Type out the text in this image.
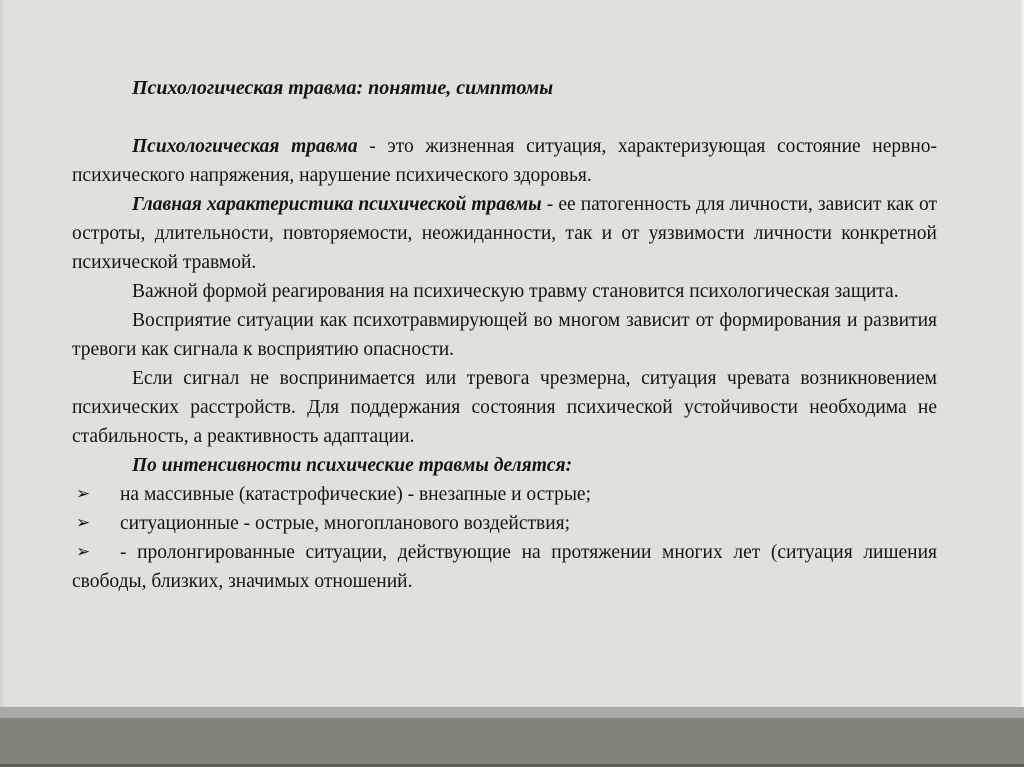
Психологическая травма: понятие, симптомы

Психологическая травма - это жизненная ситуация, характеризующая состояние нервно-психического напряжения, нарушение психического здоровья.

Главная характеристика психической травмы - ее патогенность для личности, зависит как от остроты, длительности, повторяемости, неожиданности, так и от уязвимости личности конкретной психической травмой.

Важной формой реагирования на психическую травму становится психологическая защита.

Восприятие ситуации как психотравмирующей во многом зависит от формирования и развития тревоги как сигнала к восприятию опасности.

Если сигнал не воспринимается или тревога чрезмерна, ситуация чревата возникновением психических расстройств. Для поддержания состояния психической устойчивости необходима не стабильность, а реактивность адаптации.

По интенсивности психические травмы делятся:

➢ на массивные (катастрофические) - внезапные и острые;
➢ ситуационные - острые, многопланового воздействия;
➢ - пролонгированные ситуации, действующие на протяжении многих лет (ситуация лишения свободы, близких, значимых отношений.
